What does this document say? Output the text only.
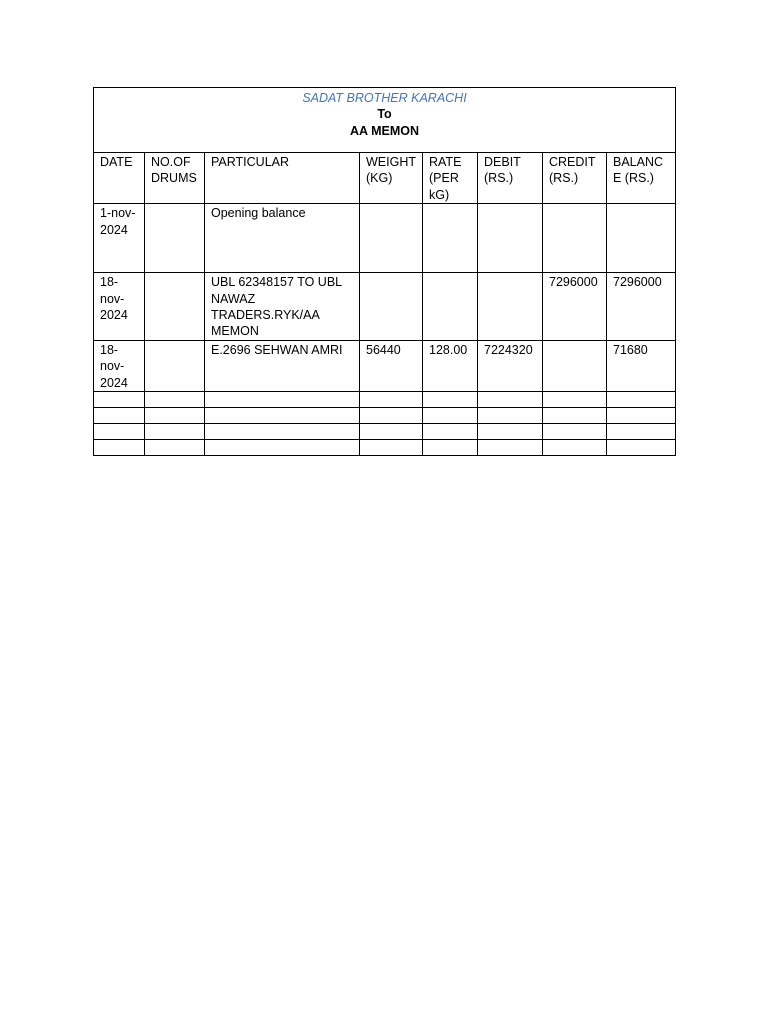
SADAT BROTHER KARACHI
To
AA MEMON							

DATE	NO.OF DRUMS	PARTICULAR	WEIGHT (KG)	RATE (PER kG)	DEBIT (RS.)	CREDIT (RS.)	BALANCE (RS.)
1-nov-2024		Opening balance					
18-nov-2024		UBL 62348157 TO UBL NAWAZ TRADERS.RYK/AA MEMON				7296000	7296000
18-nov-2024		E.2696 SEHWAN AMRI	56440	128.00	7224320		71680
